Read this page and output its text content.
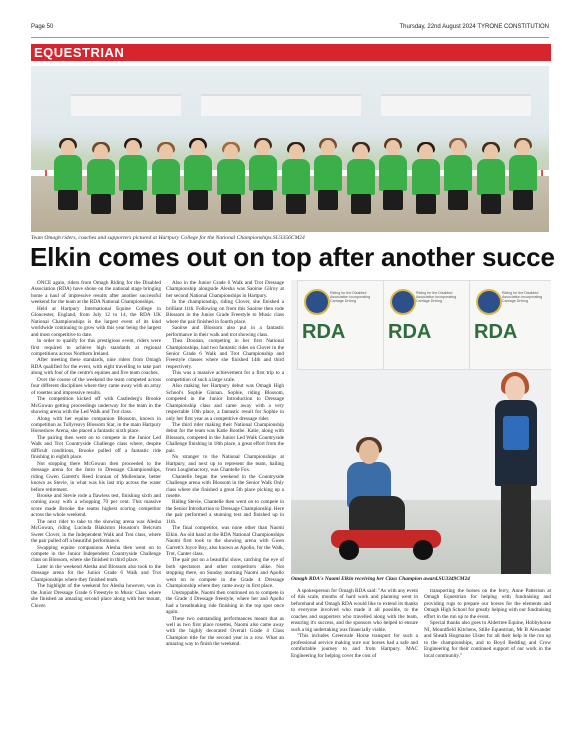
Page 50	Thursday, 22nd August 2024 TYRONE CONSTITUTION
EQUESTRIAN
Team Omagh riders, coaches and supporters pictured at Hartpury College for the National Championships.SU3356CM24
Elkin comes out on top after another succe

ONCE again, riders from Omagh Riding for the Disabled Association (RDA) have shone on the national stage bringing home a haul of impressive results after another successful weekend for the team at the RDA National Championships.

Held at Hartpury International Equine College in Gloucester, England, from July 12 to 14, the RDA UK National Championships is the largest event of its kind worldwide continuing to grow with this year being the largest and most competitive to date.

In order to qualify for this prestigious event, riders were first required to achieve high standards at regional competitions across Northern Ireland.

After meeting these standards, nine riders from Omagh RDA qualified for the event, with eight travelling to take part along with four of the centre's equines and five team coaches.

Over the course of the weekend the team competed across four different disciplines where they came away with an array of rosettes and impressive results.

The competition kicked off with Castlederg's Brooke McGowan getting proceedings underway for the team in the showing arena with the Led Walk and Trot class.

Along with her equine companion Blossom, known in competition as Tullyreavy Blossom Star, in the main Hartpury Horseshow Arena, she placed a fantastic sixth place.

The pairing then went on to compete in the Junior Led Walk and Trot Countryside Challenge class where, despite difficult conditions, Brooke pulled off a fantastic ride finishing in eighth place.

Not stopping there McGowan then proceeded to the dressage arena for the Intro to Dressage Championships, riding Gwen Garrett's Reed Iconian of Mullenlane, better known as Stevie, in what was his last trip across the water before retirement.

Brooke and Stevie rode a flawless test, finishing sixth and coming away with a whopping 70 per cent. This massive score made Brooke the teams highest scoring competitor across the whole weekend.

The next rider to take to the showing arena was Alesha McGowan, riding Lucinda Blakiston Houston's Belcrum Sweet Clover, in the Independent Walk and Trot class, where the pair pulled off a beautiful performance.

Swapping equine companions Alesha then went on to compete in the Junior Independent Countryside Challenge class on Blossom, where she finished in third place.

Later in the weekend Alesha and Blossom also took to the dressage arena for the Junior Grade 6 Walk and Trot Championships where they finished tenth.

The highlight of the weekend for Alesha however, was in the Junior Dressage Grade 6 Freestyle to Music Class where she finished an amazing second place along with her mount, Clover.

Also in the Junior Grade 6 Walk and Trot Dressage Championship alongside Alesha was Saoirse Gilroy at her second National Championships in Hartpury.

In the championship, riding Clover, she finished a brilliant 11th. Following on from this Saoirse then rode Blossom in the Junior Grade Freestyle to Music class where the pair finished in fourth place.

Saoirse and Blossom also put in a fantastic performance in their walk and trot showing class.

Thea Doonan, competing in her first National Championships, had two fantastic rides on Clover in the Senior Grade 6 Walk and Trot Championship and Freestyle classes where she finished 14th and third respectively.

This was a massive achievement for a first trip to a competition of such a large scale.

Also making her Hartpury debut was Omagh High School's Sophie Ginnan. Sophie, riding Blossom, competed in the Junior Introduction to Dressage Championship class and came away with a very respectable 10th place, a fantastic result for Sophie in only her first year as a competitive dressage rider.

The third rider making their National Championship debut for the team was Katie Boothe. Katie, along with Blossom, competed in the Junior Led Walk Countryside Challenge finishing in 18th place, a great effort from the pair.

No stranger to the National Championships at Hartpury, and next up to represent the team, hailing from Loughmacrory, was Chantelle Fox.

Chantelle began the weekend in the Countryside Challenge arena with Blossom in the Senior Walk Only class where she finished a great 5th place picking up a rosette.

Riding Stevie, Chantelle then went on to compete in the Senior Introduction to Dressage Championship. Here the pair performed a stunning test and finished up in 11th.

The final competitor, was none other than Naomi Elkin. An old hand at the RDA National Championships Naomi first took to the showing arena with Gwen Garrett's Joyce Boy, also known as Apollo, for the Walk, Trot, Canter class.

The pair put on a beautiful show, catching the eye of both spectators and other competitors alike. Not stopping there, on Sunday morning Naomi and Apollo went on to compete in the Grade 4 Dressage Championship where they came away in first place.

Unstoppable, Naomi then continued on to compete in the Grade 4 Dressage freestyle, where her and Apollo had a breathtaking ride finishing in the top spot once again.

These two outstanding performances meant that as well as two first place rosettes, Naomi also came away with the highly decorated Overall Grade 4 Class Champion title for the second year in a row. What an amazing way to finish the weekend.

Riding for the Disabled Association incorporating Carriage Driving
RDA
Riding for the Disabled Association incorporating Carriage Driving
RDA
Riding for the Disabled Association incorporating Carriage Driving
RDA
Omagh RDA's Naomi Elkin receiving her Class Champion award.SU3349CM24

A spokesperson for Omagh RDA said: "As with any event of this scale, months of hard work and planning went in beforehand and Omagh RDA would like to extend its thanks to everyone involved who made it all possible, to the coaches and supporters who travelled along with the team, ensuring it's success, and the sponsors who helped to ensure such a big undertaking was financially viable.

"This includes Greenvale Horse transport for such a professional service making sure our horses had a safe and comfortable journey to and from Hartpury. MAC Engineering for helping cover the cost of

transporting the horses on the ferry, Anne Patterson at Omagh Equestrian for helping with fundraising and providing rugs to prepare our horses for the elements and Omagh High School for greatly helping with our fundraising effort in the run up to the event.

Special thanks also goes to Aldertree Equine, Hobbyhorse NI, Mountfield Kitchens, Stille Equestrian, Mr B Alexander and Sheath Hogmaine Ulster for all their help in the run up to the championships, and to Boyd Bedding and Crow Engineering for their continued support of our work in the local community."
